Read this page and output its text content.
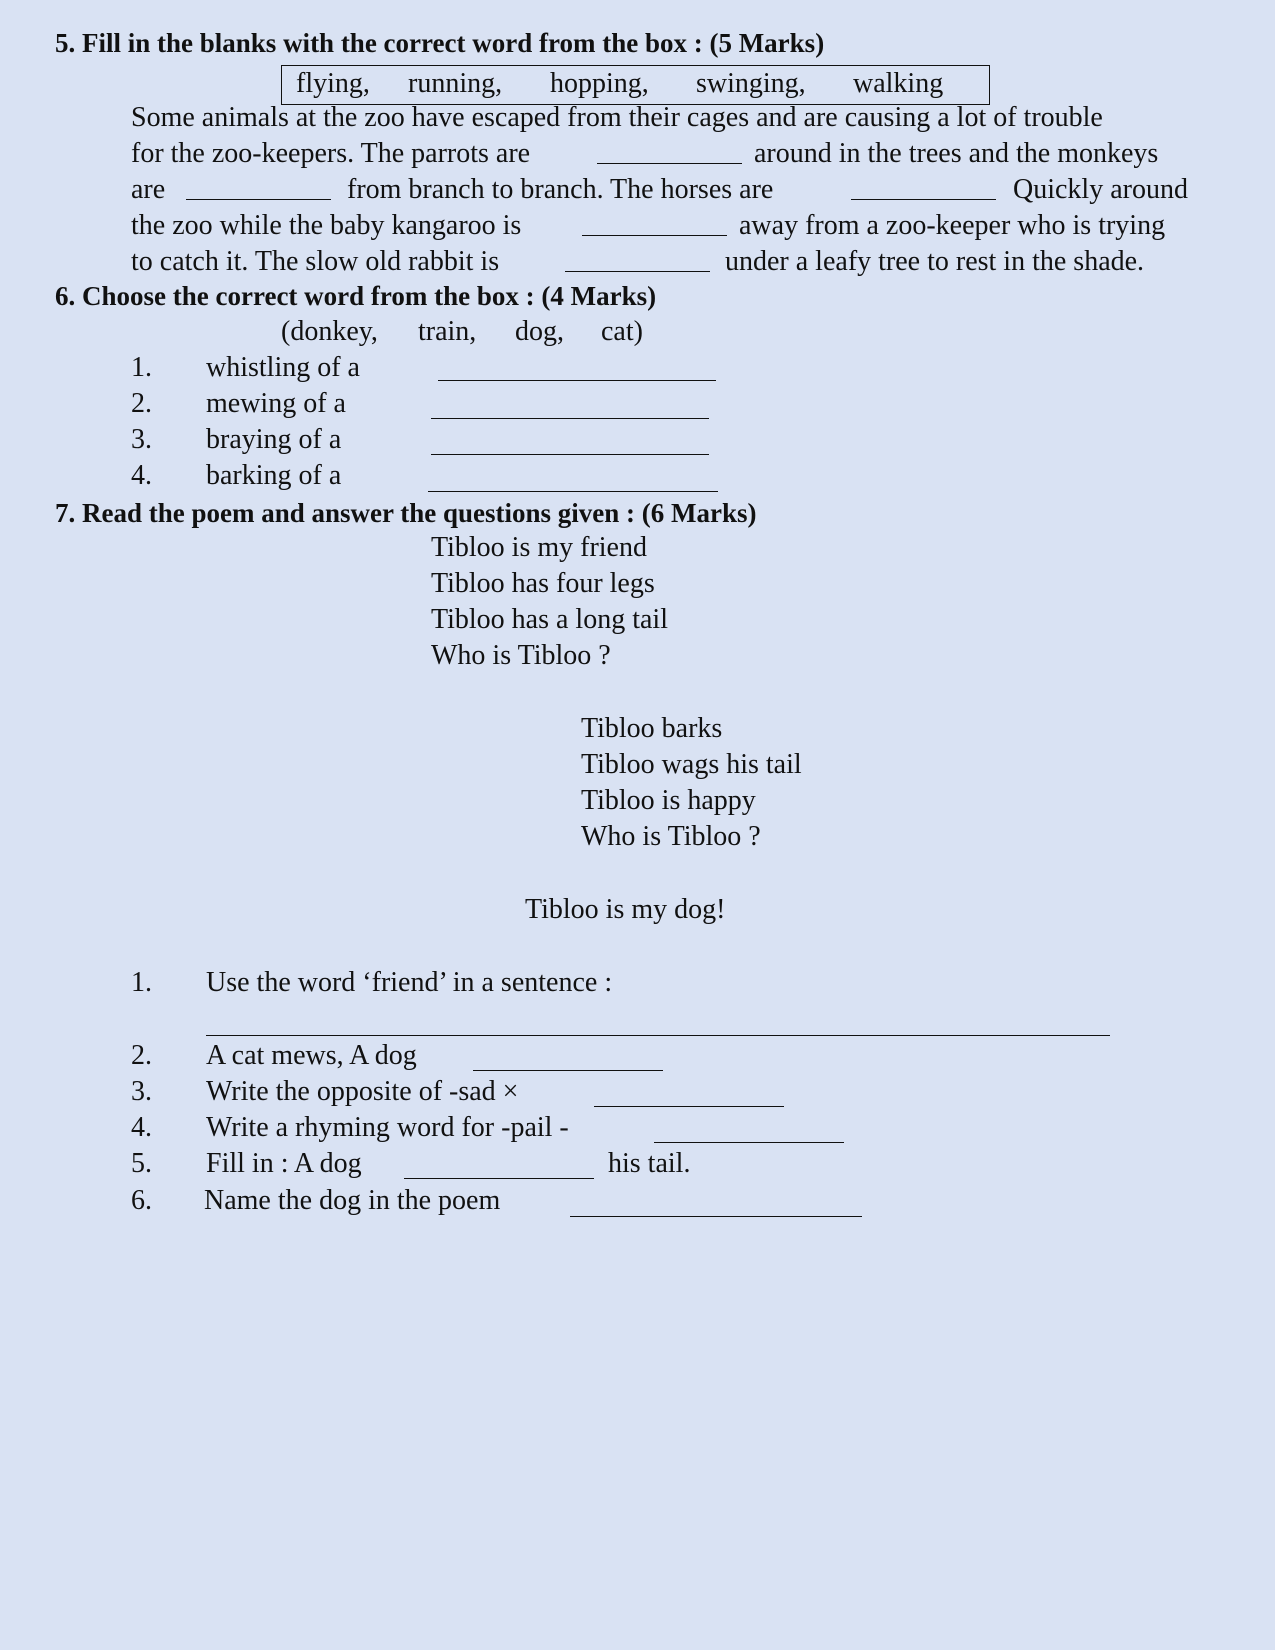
5. Fill in the blanks with the correct word from the box : (5 Marks)
flying, running, hopping, swinging, walking
Some animals at the zoo have escaped from their cages and are causing a lot of trouble
for the zoo-keepers. The parrots are	around in the trees and the monkeys
are	from branch to branch. The horses are	Quickly around
the zoo while the baby kangaroo is	away from a zoo-keeper who is trying
to catch it. The slow old rabbit is	under a leafy tree to rest in the shade.
6. Choose the correct word from the box : (4 Marks)
(donkey, train, dog, cat)
1. whistling of a
2. mewing of a
3. braying of a
4. barking of a
7. Read the poem and answer the questions given : (6 Marks)
Tibloo is my friend
Tibloo has four legs
Tibloo has a long tail
Who is Tibloo ?
Tibloo barks
Tibloo wags his tail
Tibloo is happy
Who is Tibloo ?
Tibloo is my dog!
1. Use the word ‘friend’ in a sentence :
2. A cat mews, A dog
3. Write the opposite of -sad ×
4. Write a rhyming word for -pail -
5. Fill in : A dog	his tail.
6. Name the dog in the poem
